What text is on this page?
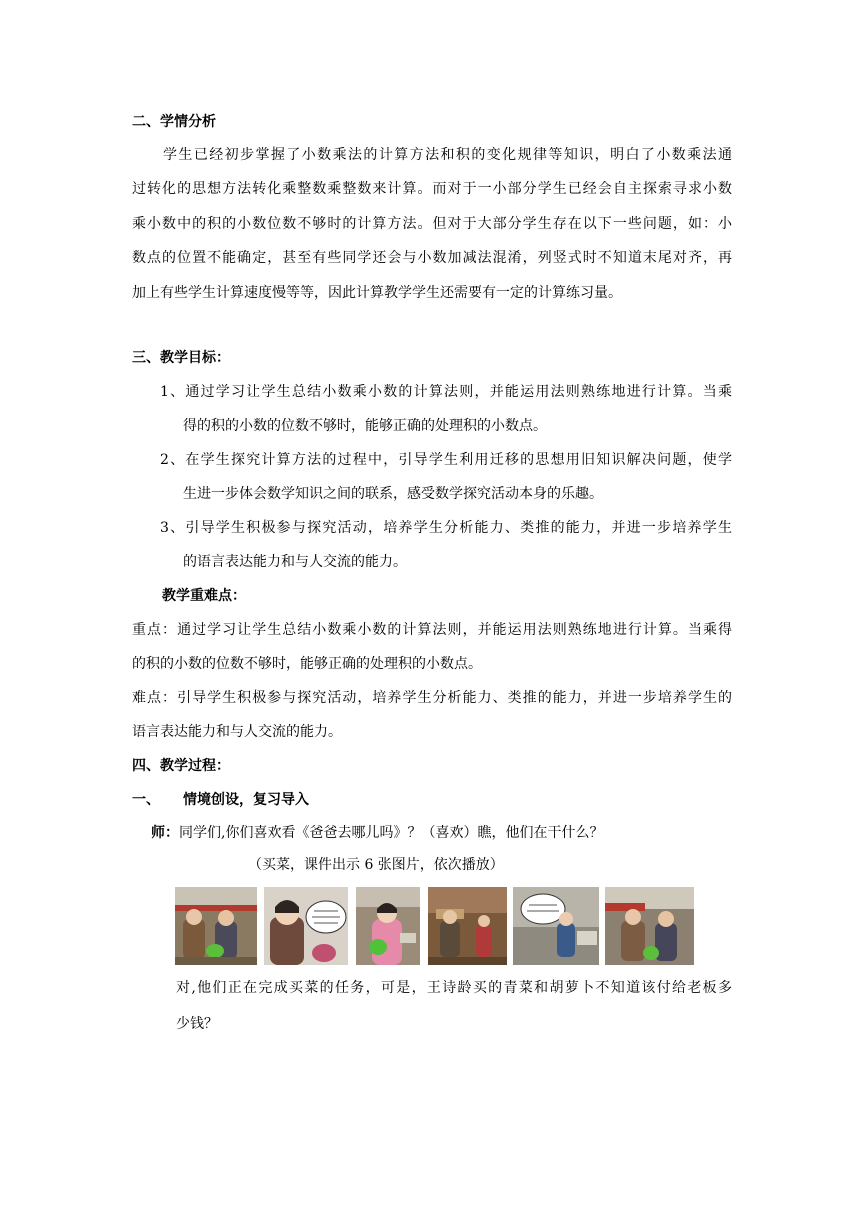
二、学情分析
学生已经初步掌握了小数乘法的计算方法和积的变化规律等知识，明白了小数乘法通
过转化的思想方法转化乘整数乘整数来计算。而对于一小部分学生已经会自主探索寻求小数
乘小数中的积的小数位数不够时的计算方法。但对于大部分学生存在以下一些问题，如：小
数点的位置不能确定，甚至有些同学还会与小数加减法混淆，列竖式时不知道末尾对齐，再
加上有些学生计算速度慢等等，因此计算教学学生还需要有一定的计算练习量。
三、教学目标：
1、通过学习让学生总结小数乘小数的计算法则，并能运用法则熟练地进行计算。当乘
得的积的小数的位数不够时，能够正确的处理积的小数点。
2、在学生探究计算方法的过程中，引导学生利用迁移的思想用旧知识解决问题，使学
生进一步体会数学知识之间的联系，感受数学探究活动本身的乐趣。
3、引导学生积极参与探究活动，培养学生分析能力、类推的能力，并进一步培养学生
的语言表达能力和与人交流的能力。
教学重难点：
重点：通过学习让学生总结小数乘小数的计算法则，并能运用法则熟练地进行计算。当乘得
的积的小数的位数不够时，能够正确的处理积的小数点。
难点：引导学生积极参与探究活动，培养学生分析能力、类推的能力，并进一步培养学生的
语言表达能力和与人交流的能力。
四、教学过程：
一、	情境创设，复习导入
师：同学们,你们喜欢看《爸爸去哪儿吗》？（喜欢）瞧，他们在干什么？
（买菜，课件出示 6 张图片，依次播放）
对,他们正在完成买菜的任务，可是，王诗龄买的青菜和胡萝卜不知道该付给老板多
少钱？
